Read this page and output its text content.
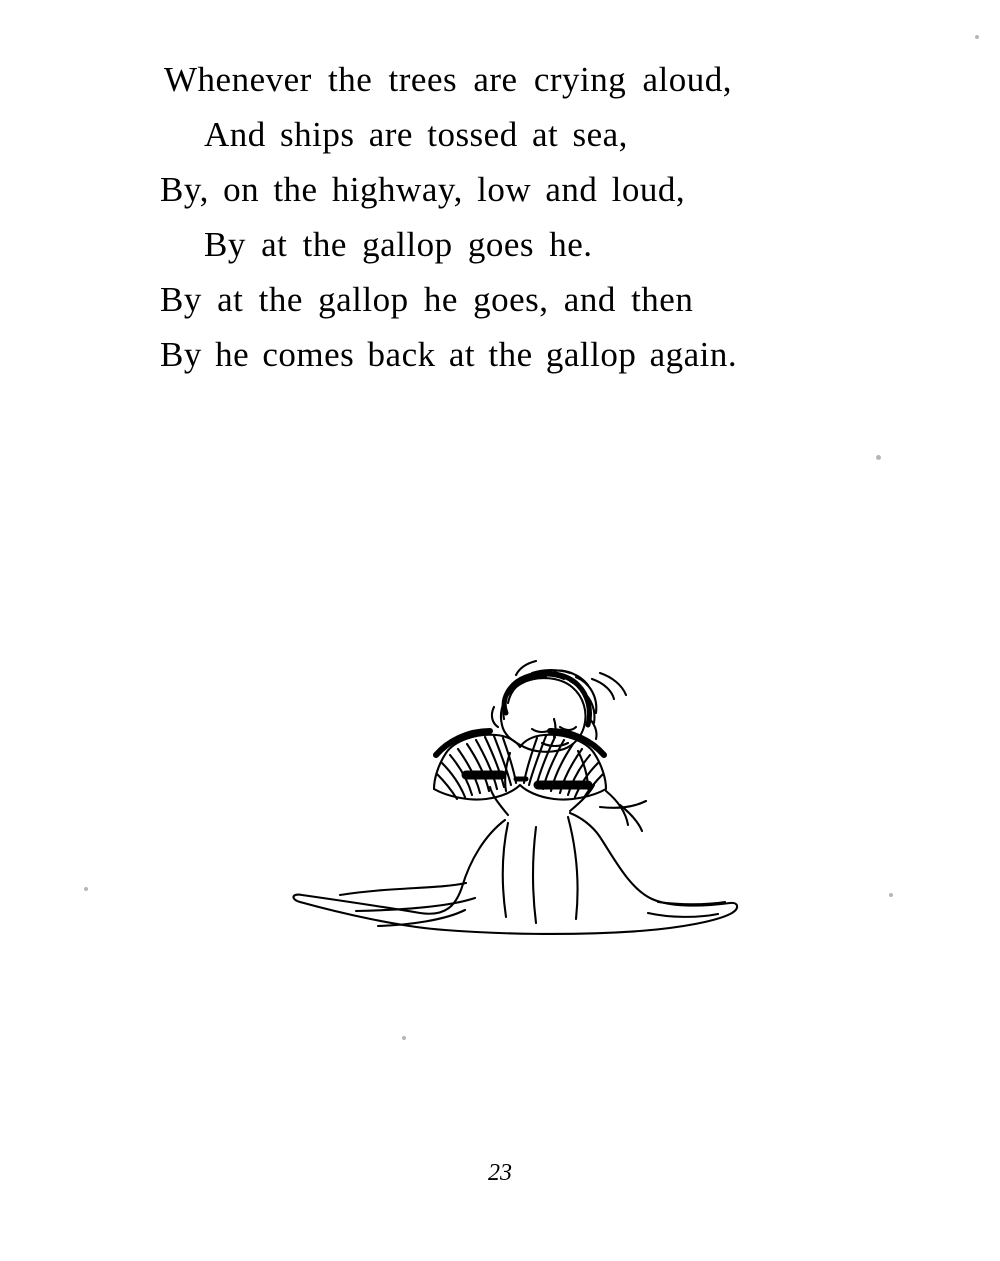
Whenever the trees are crying aloud,
And ships are tossed at sea,
By, on the highway, low and loud,
By at the gallop goes he.
By at the gallop he goes, and then
By he comes back at the gallop again.
23
